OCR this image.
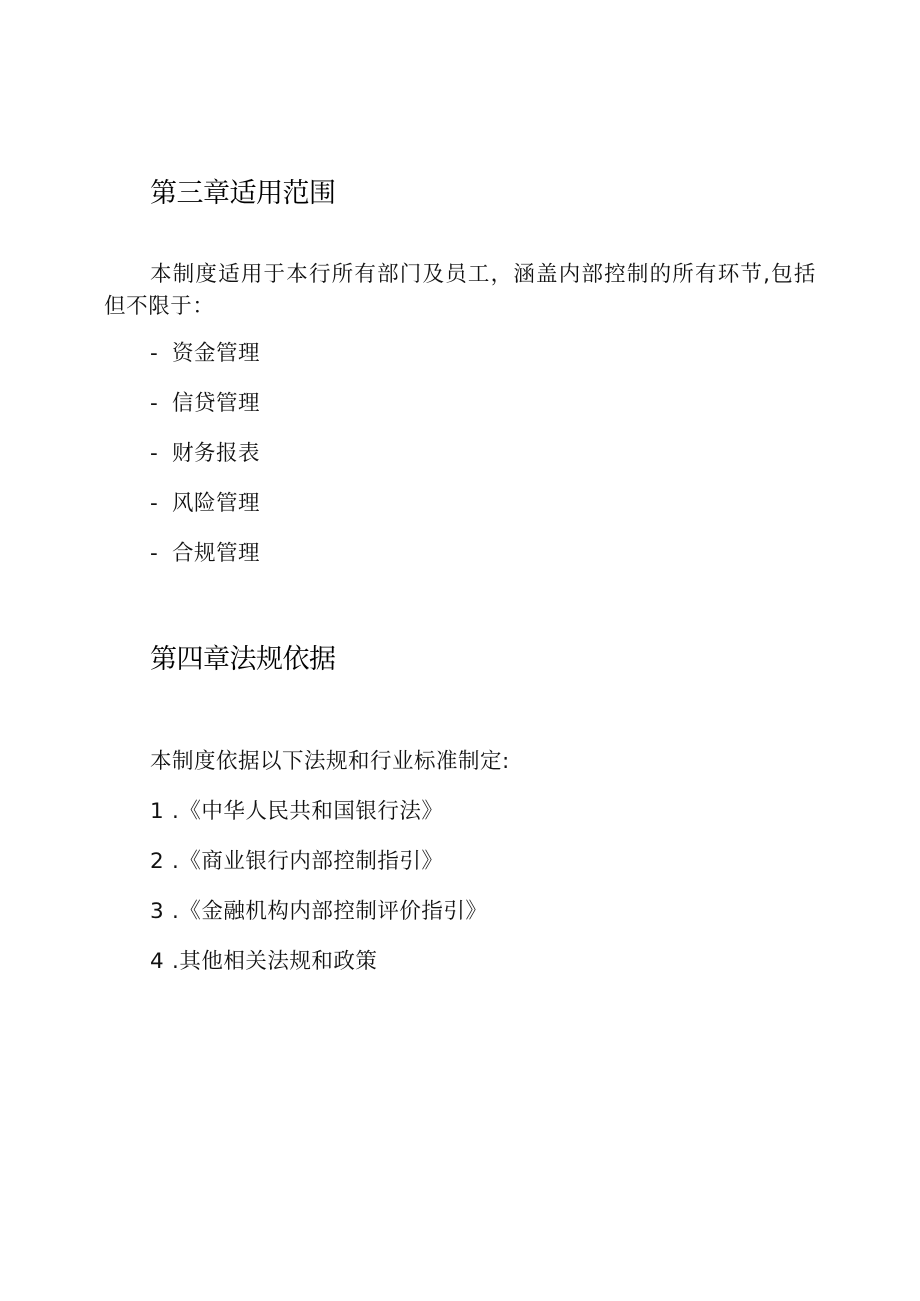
第三章适用范围

本制度适用于本行所有部门及员工，涵盖内部控制的所有环节,包括但不限于：

- 资金管理
- 信贷管理
- 财务报表
- 风险管理
- 合规管理
第四章法规依据

本制度依据以下法规和行业标准制定:

1 .《中华人民共和国银行法》
2 .《商业银行内部控制指引》
3 .《金融机构内部控制评价指引》
4 .其他相关法规和政策
